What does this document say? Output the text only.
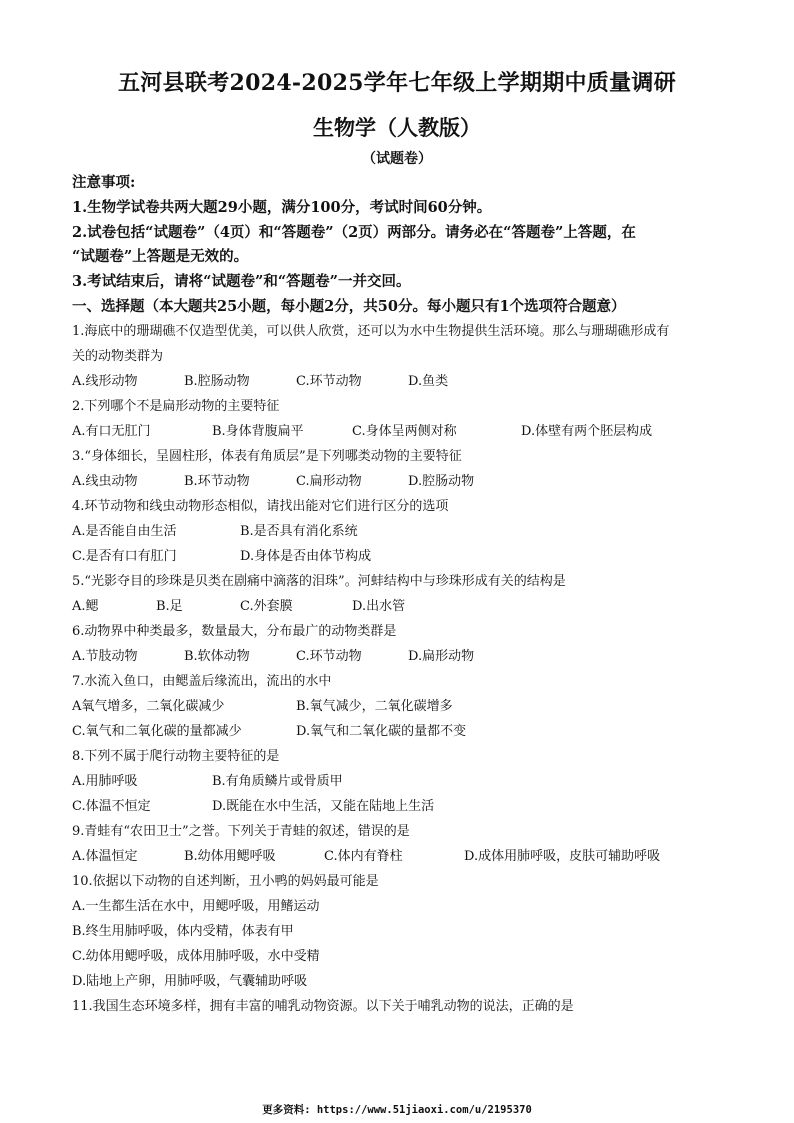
五河县联考2024-2025学年七年级上学期期中质量调研
生物学（人教版）
（试题卷）
注意事项:
1.生物学试卷共两大题29小题，满分100分，考试时间60分钟。
2.试卷包括“试题卷”（4页）和“答题卷”（2页）两部分。请务必在“答题卷”上答题，在
“试题卷”上答题是无效的。
3.考试结束后，请将“试题卷”和“答题卷”一并交回。
一、选择题（本大题共25小题，每小题2分，共50分。每小题只有1个选项符合题意）
1.海底中的珊瑚礁不仅造型优美，可以供人欣赏，还可以为水中生物提供生活环境。那么与珊瑚礁形成有
关的动物类群为
A.线形动物	B.腔肠动物	C.环节动物	D.鱼类
2.下列哪个不是扁形动物的主要特征
A.有口无肛门	B.身体背腹扁平	C.身体呈两侧对称	D.体壁有两个胚层构成
3.“身体细长，呈圆柱形，体表有角质层”是下列哪类动物的主要特征
A.线虫动物	B.环节动物	C.扁形动物	D.腔肠动物
4.环节动物和线虫动物形态相似，请找出能对它们进行区分的选项
A.是否能自由生活	B.是否具有消化系统
C.是否有口有肛门	D.身体是否由体节构成
5.“光影夺目的珍珠是贝类在剧痛中滴落的泪珠”。河蚌结构中与珍珠形成有关的结构是
A.鳃	B.足	C.外套膜	D.出水管
6.动物界中种类最多，数量最大，分布最广的动物类群是
A.节肢动物	B.软体动物	C.环节动物	D.扁形动物
7.水流入鱼口，由鳃盖后缘流出，流出的水中
A氧气增多，二氧化碳减少	B.氧气减少，二氧化碳增多
C.氧气和二氧化碳的量都减少	D.氧气和二氧化碳的量都不变
8.下列不属于爬行动物主要特征的是
A.用肺呼吸	B.有角质鳞片或骨质甲
C.体温不恒定	D.既能在水中生活，又能在陆地上生活
9.青蛙有“农田卫士”之誉。下列关于青蛙的叙述，错误的是
A.体温恒定	B.幼体用鳃呼吸	C.体内有脊柱	D.成体用肺呼吸，皮肤可辅助呼吸
10.依据以下动物的自述判断，丑小鸭的妈妈最可能是
A.一生都生活在水中，用鳃呼吸，用鳍运动
B.终生用肺呼吸，体内受精，体表有甲
C.幼体用鳃呼吸，成体用肺呼吸，水中受精
D.陆地上产卵，用肺呼吸，气囊辅助呼吸
11.我国生态环境多样，拥有丰富的哺乳动物资源。以下关于哺乳动物的说法，正确的是
更多资料: https://www.51jiaoxi.com/u/2195370
